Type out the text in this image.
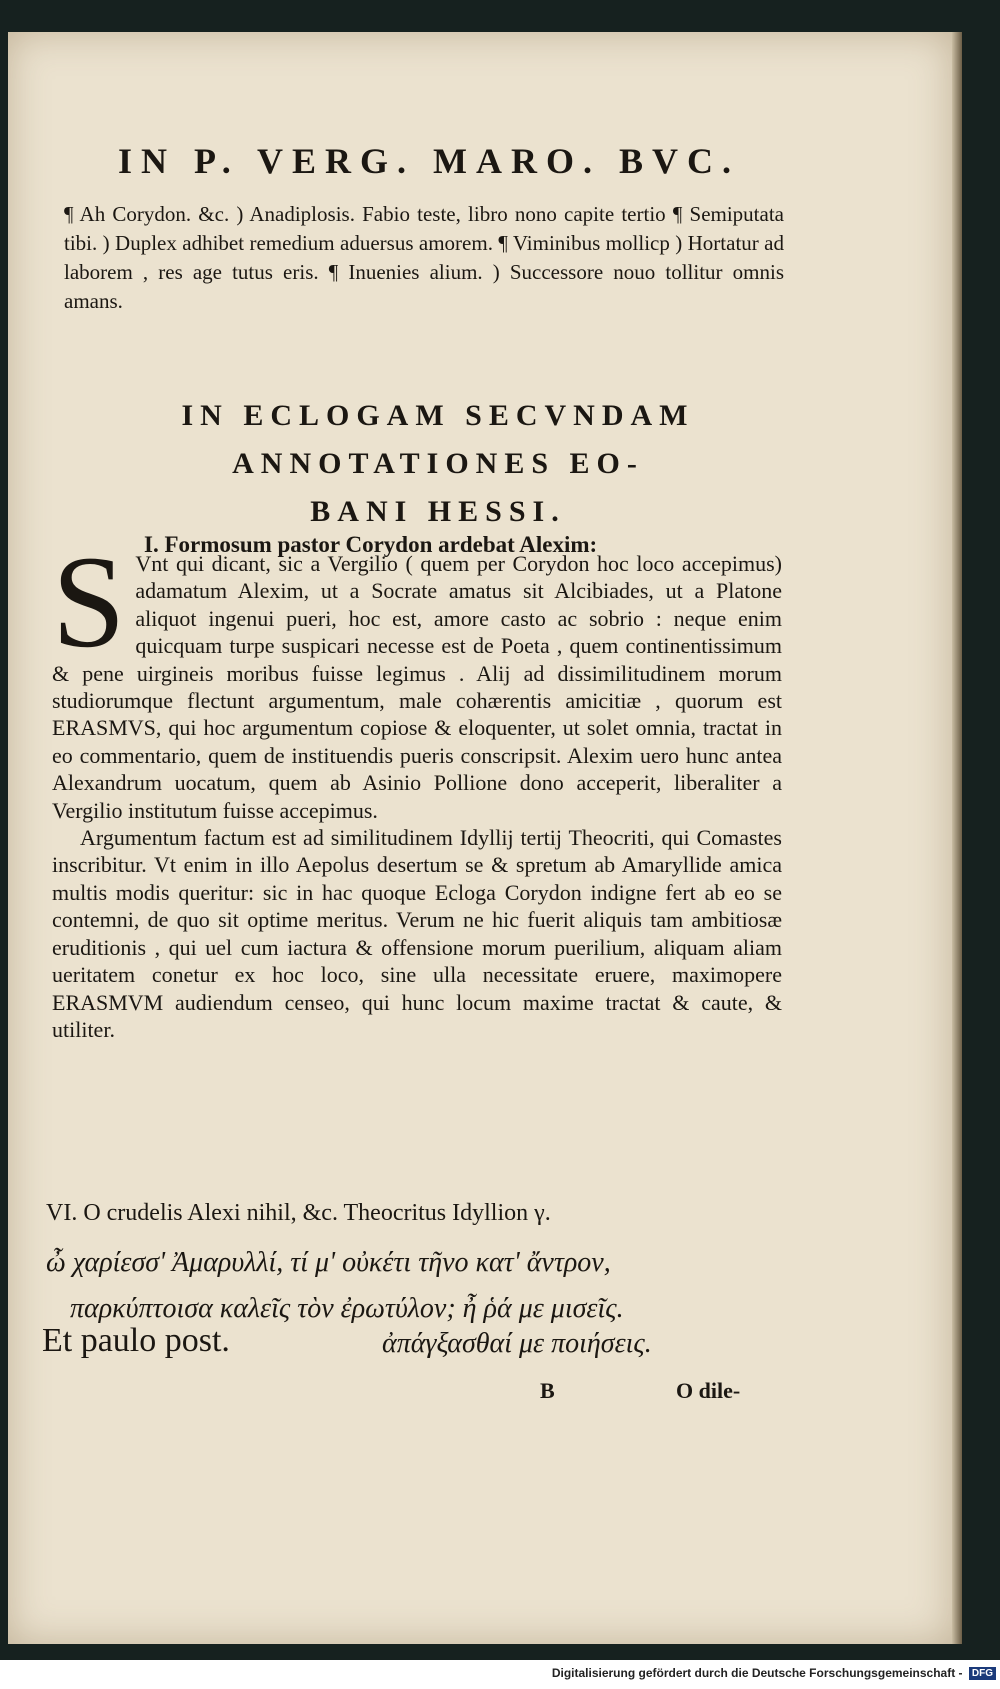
IN P. VERG. MARO. BVC.

¶ Ah Corydon. &c. ) Anadiplosis. Fabio teste, libro nono capite tertio ¶ Semiputata tibi. ) Duplex adhibet remedium aduersus amorem. ¶ Viminibus mollicp ) Hortatur ad laborem , res age tutus eris. ¶ Inuenies alium. ) Successore nouo tollitur omnis amans.

IN ECLOGAM SECVNDAM
ANNOTATIONES EO-
BANI HESSI.
I. Formosum pastor Corydon ardebat Alexim:

S Vnt qui dicant, sic a Vergilio ( quem per Corydon hoc loco accepimus) adamatum Alexim, ut a Socrate amatus sit Alcibiades, ut a Platone aliquot ingenui pueri, hoc est, amore casto ac sobrio : neque enim quicquam turpe suspicari necesse est de Poeta , quem continentissimum & pene uirgineis moribus fuisse legimus . Alij ad dissimilitudinem morum studiorumque flectunt argumentum, male cohærentis amicitiæ , quorum est ERASMVS, qui hoc argumentum copiose & eloquenter, ut solet omnia, tractat in eo commentario, quem de instituendis pueris conscripsit. Alexim uero hunc antea Alexandrum uocatum, quem ab Asinio Pollione dono acceperit, liberaliter a Vergilio institutum fuisse accepimus.

Argumentum factum est ad similitudinem Idyllij tertij Theocriti, qui Comastes inscribitur. Vt enim in illo Aepolus desertum se & spretum ab Amaryllide amica multis modis queritur: sic in hac quoque Ecloga Corydon indigne fert ab eo se contemni, de quo sit optime meritus. Verum ne hic fuerit aliquis tam ambitiosæ eruditionis , qui uel cum iactura & offensione morum puerilium, aliquam aliam ueritatem conetur ex hoc loco, sine ulla necessitate eruere, maximopere ERASMVM audiendum censeo, qui hunc locum maxime tractat & caute, & utiliter.

VI. O crudelis Alexi nihil, &c. Theocritus Idyllion γ.
ὦ χαρίεσσ' Ἀμαρυλλί, τί μ' οὐκέτι τῆνο κατ' ἄντρον,
παρκύπτοισα καλεῖς τὸν ἐρωτύλον; ἦ ῥά με μισεῖς.
Et paulo post.	ἀπάγξασθαί με ποιήσεις.
B	O dile-
Digitalisierung gefördert durch die Deutsche Forschungsgemeinschaft - DFG
